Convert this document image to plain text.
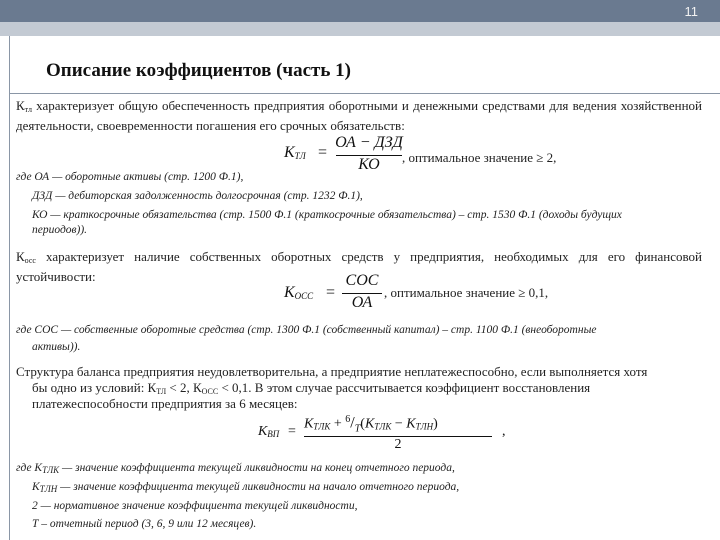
11
Описание коэффициентов (часть 1)

$К_{тл}$ характеризует общую обеспеченность предприятия оборотными и денежными средствами для ведения хозяйственной деятельности, своевременности погашения его срочных обязательств:

КТЛ =
ОА − ДЗД
КО	, оптимальное значение ≥ 2,
где ОА — оборотные активы (стр. 1200 Ф.1),
ДЗД — дебиторская задолженность долгосрочная (стр. 1232 Ф.1),
КО — краткосрочные обязательства (стр. 1500 Ф.1 (краткосрочные обязательства) – стр. 1530 Ф.1 (доходы будущих
периодов)).

$К_{осс}$ характеризует наличие собственных оборотных средств у предприятия, необходимых для его финансовой устойчивости:

КОСС =
СОС
ОА
, оптимальное значение ≥ 0,1,
где СОС — собственные оборотные средства (стр. 1300 Ф.1 (собственный капитал) – стр. 1100 Ф.1 (внеоборотные
активы)).
Структура баланса предприятия неудовлетворительна, а предприятие неплатежеспособно, если выполняется хотя
бы одно из условий: $К_{ТЛ} < 2$, $К_{ОСС} < 0,1$. В этом случае рассчитывается коэффициент восстановления
платежеспособности предприятия за 6 месяцев:
КВП = КТЛК + $^6/_T(КТЛК$ − КТЛН)
2
,
где КТЛК — значение коэффициента текущей ликвидности на конец отчетного периода,
КТЛН — значение коэффициента текущей ликвидности на начало отчетного периода,
2 — нормативное значение коэффициента текущей ликвидности,
Т – отчетный период (3, 6, 9 или 12 месяцев).
